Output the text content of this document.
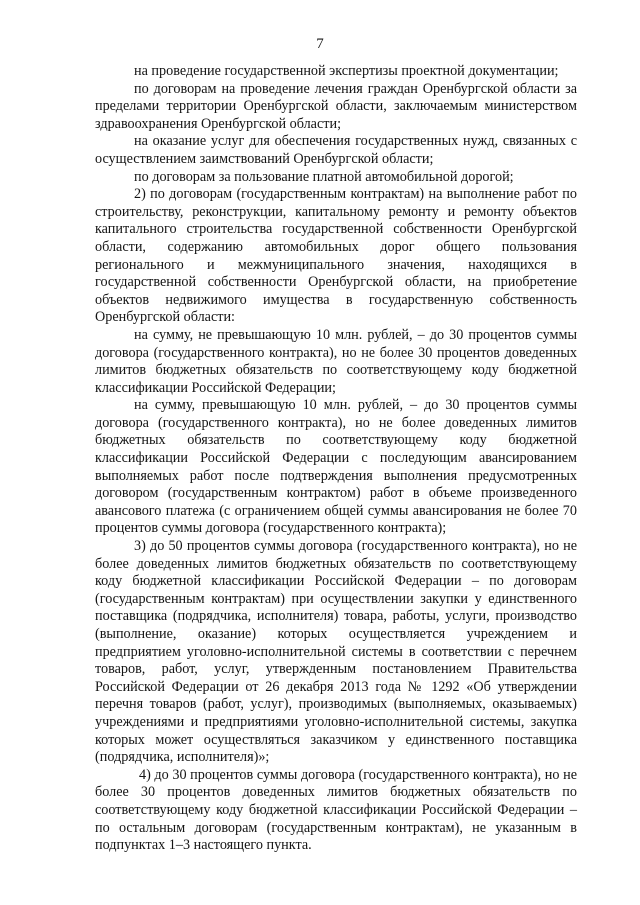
7

на проведение государственной экспертизы проектной документации;

по договорам на проведение лечения граждан Оренбургской области за пределами территории Оренбургской области, заключаемым министерством здравоохранения Оренбургской области;

на оказание услуг для обеспечения государственных нужд, связанных с осуществлением заимствований Оренбургской области;

по договорам за пользование платной автомобильной дорогой;

2) по договорам (государственным контрактам) на выполнение работ по строительству, реконструкции, капитальному ремонту и ремонту объектов капитального строительства государственной собственности Оренбургской области, содержанию автомобильных дорог общего пользования регионального и межмуниципального значения, находящихся в государственной собственности Оренбургской области, на приобретение объектов недвижимого имущества в государственную собственность Оренбургской области:

на сумму, не превышающую 10 млн. рублей, – до 30 процентов суммы договора (государственного контракта), но не более 30 процентов доведенных лимитов бюджетных обязательств по соответствующему коду бюджетной классификации Российской Федерации;

на сумму, превышающую 10 млн. рублей, – до 30 процентов суммы договора (государственного контракта), но не более доведенных лимитов бюджетных обязательств по соответствующему коду бюджетной классификации Российской Федерации с последующим авансированием выполняемых работ после подтверждения выполнения предусмотренных договором (государственным контрактом) работ в объеме произведенного авансового платежа (с ограничением общей суммы авансирования не более 70 процентов суммы договора (государственного контракта);

3) до 50 процентов суммы договора (государственного контракта), но не более доведенных лимитов бюджетных обязательств по соответствующему коду бюджетной классификации Российской Федерации – по договорам (государственным контрактам) при осуществлении закупки у единственного поставщика (подрядчика, исполнителя) товара, работы, услуги, производство (выполнение, оказание) которых осуществляется учреждением и предприятием уголовно-исполнительной системы в соответствии с перечнем товаров, работ, услуг, утвержденным постановлением Правительства Российской Федерации от 26 декабря 2013 года № 1292 «Об утверждении перечня товаров (работ, услуг), производимых (выполняемых, оказываемых) учреждениями и предприятиями уголовно-исполнительной системы, закупка которых может осуществляться заказчиком у единственного поставщика (подрядчика, исполнителя)»;

4) до 30 процентов суммы договора (государственного контракта), но не более 30 процентов доведенных лимитов бюджетных обязательств по соответствующему коду бюджетной классификации Российской Федерации – по остальным договорам (государственным контрактам), не указанным в подпунктах 1–3 настоящего пункта.
